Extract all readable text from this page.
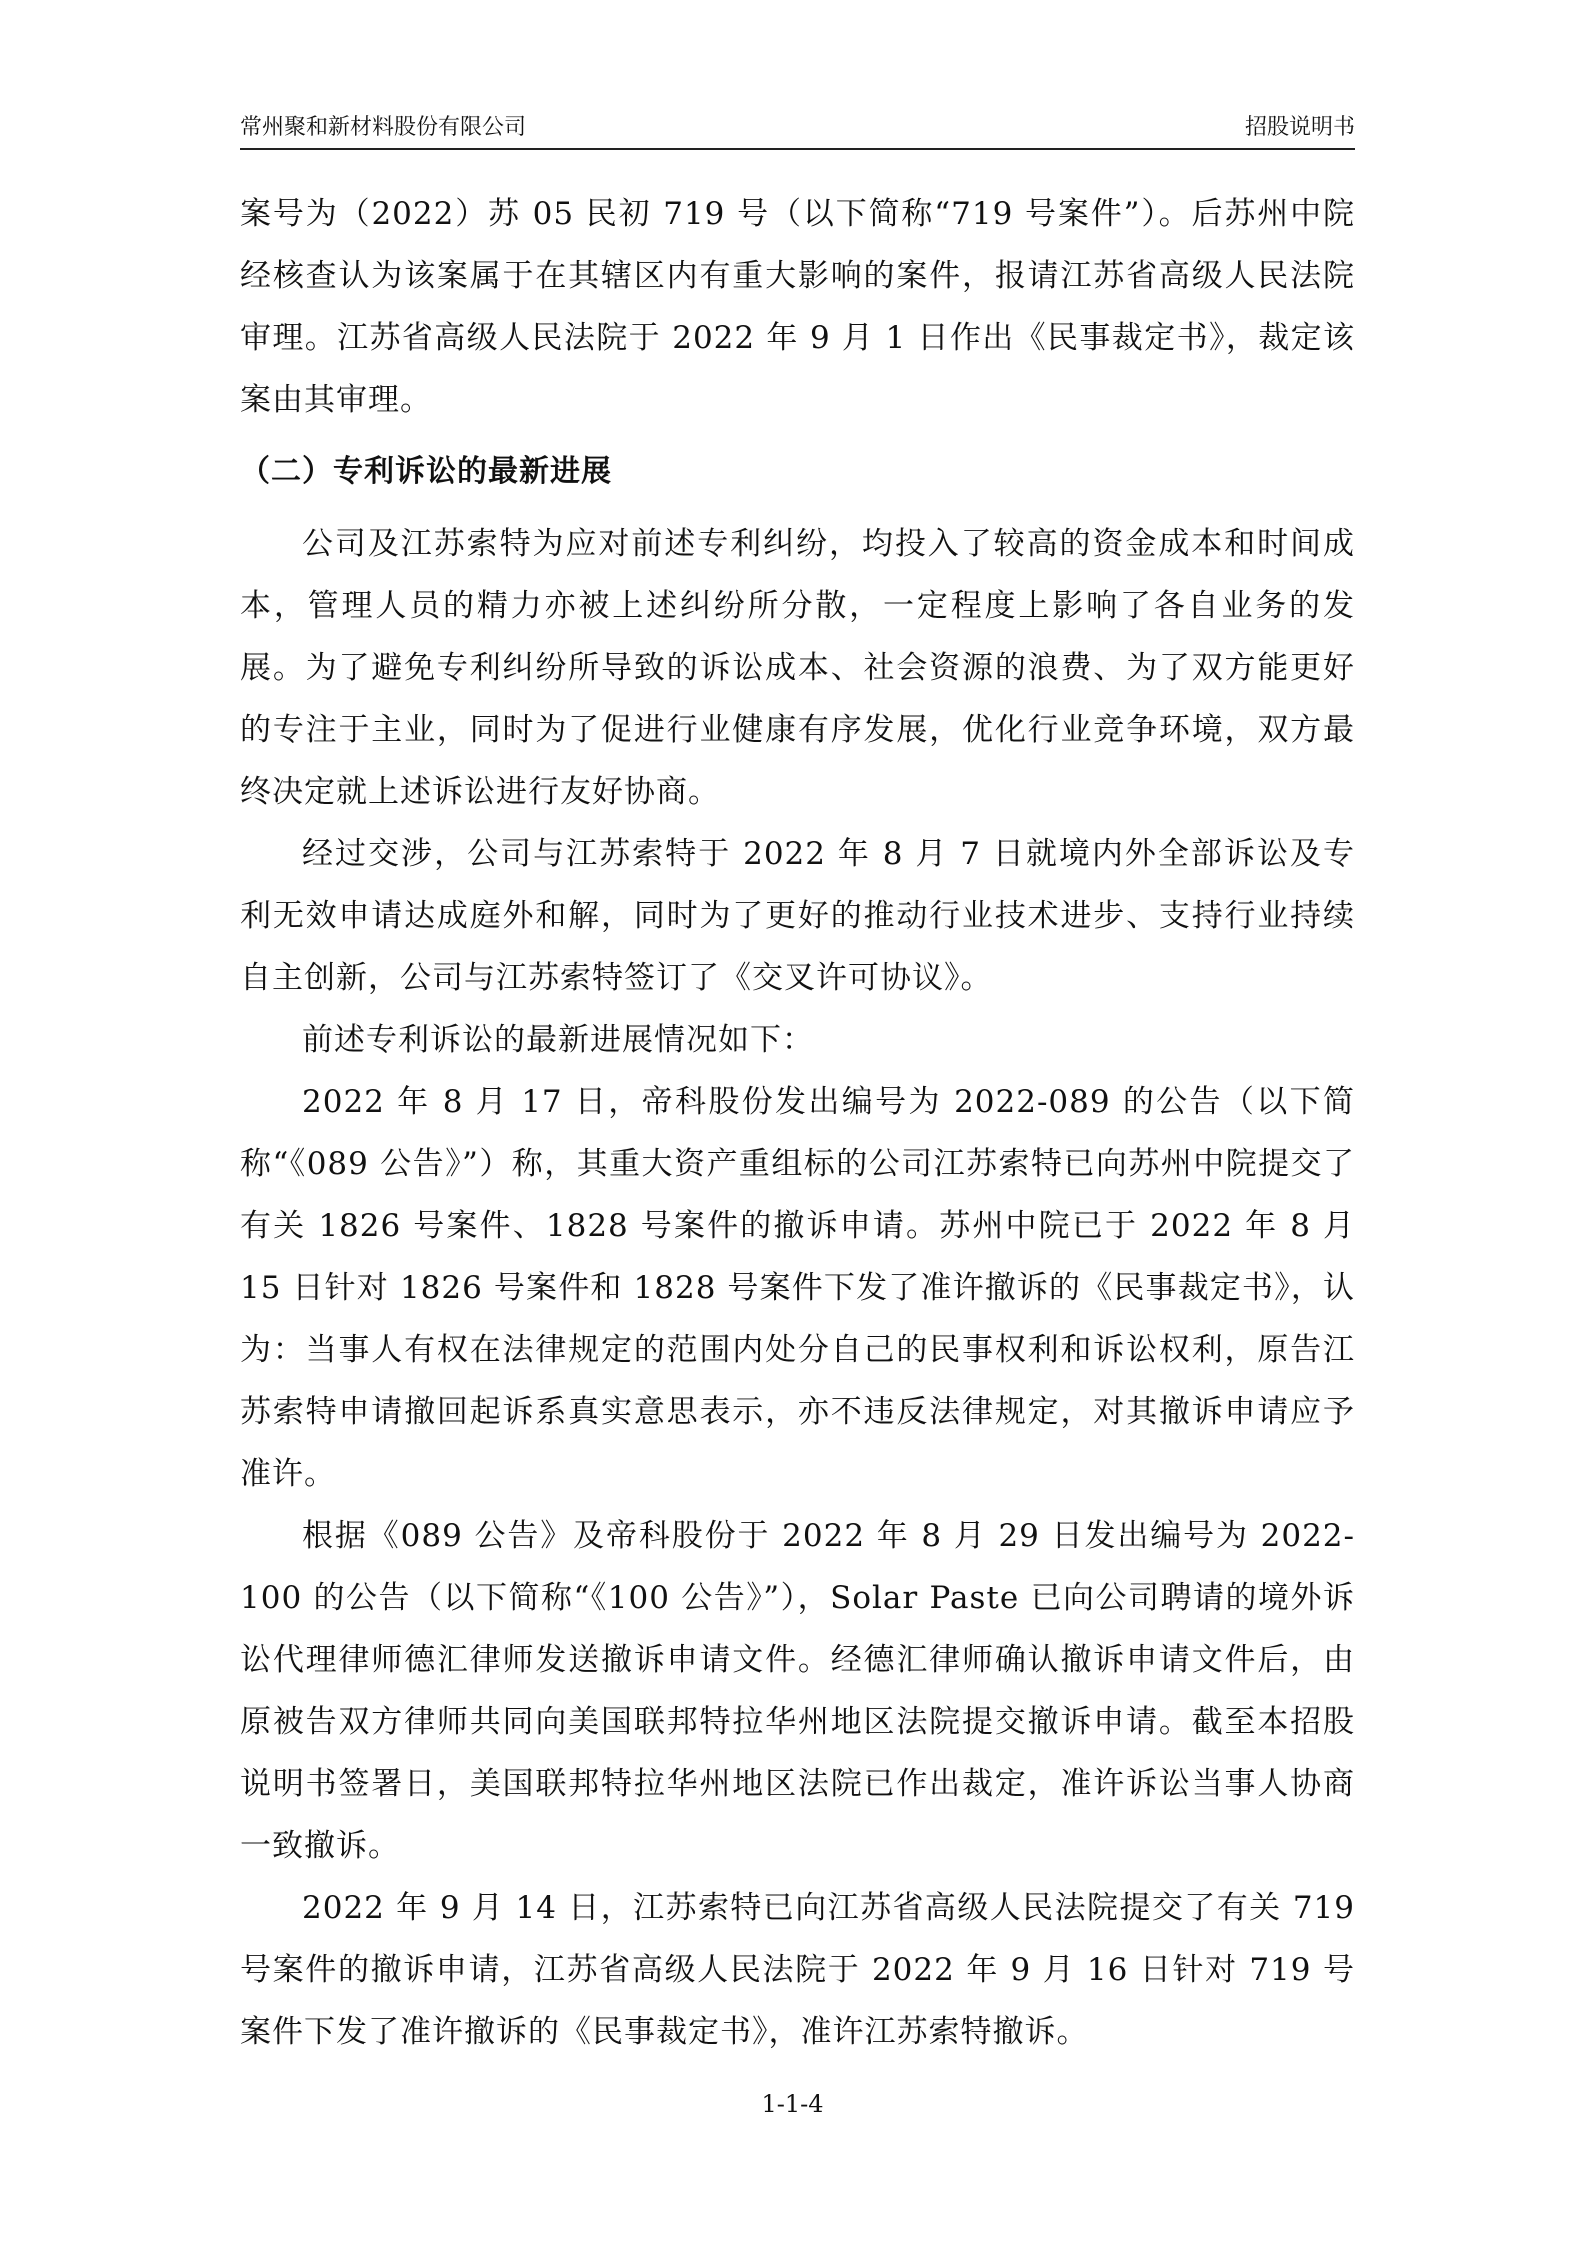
常州聚和新材料股份有限公司	招股说明书

案号为（2022）苏 05 民初 719 号（以下简称“719 号案件”）。后苏州中院经核查认为该案属于在其辖区内有重大影响的案件，报请江苏省高级人民法院审理。江苏省高级人民法院于 2022 年 9 月 1 日作出《民事裁定书》，裁定该案由其审理。

（二）专利诉讼的最新进展

公司及江苏索特为应对前述专利纠纷，均投入了较高的资金成本和时间成本，管理人员的精力亦被上述纠纷所分散，一定程度上影响了各自业务的发展。为了避免专利纠纷所导致的诉讼成本、社会资源的浪费、为了双方能更好的专注于主业，同时为了促进行业健康有序发展，优化行业竞争环境，双方最终决定就上述诉讼进行友好协商。

经过交涉，公司与江苏索特于 2022 年 8 月 7 日就境内外全部诉讼及专利无效申请达成庭外和解，同时为了更好的推动行业技术进步、支持行业持续自主创新，公司与江苏索特签订了《交叉许可协议》。

前述专利诉讼的最新进展情况如下：

2022 年 8 月 17 日，帝科股份发出编号为 2022-089 的公告（以下简称“《089 公告》”）称，其重大资产重组标的公司江苏索特已向苏州中院提交了有关 1826 号案件、1828 号案件的撤诉申请。苏州中院已于 2022 年 8 月 15 日针对 1826 号案件和 1828 号案件下发了准许撤诉的《民事裁定书》，认为：当事人有权在法律规定的范围内处分自己的民事权利和诉讼权利，原告江苏索特申请撤回起诉系真实意思表示，亦不违反法律规定，对其撤诉申请应予准许。

根据《089 公告》及帝科股份于 2022 年 8 月 29 日发出编号为 2022-100 的公告（以下简称“《100 公告》”），Solar Paste 已向公司聘请的境外诉讼代理律师德汇律师发送撤诉申请文件。经德汇律师确认撤诉申请文件后，由原被告双方律师共同向美国联邦特拉华州地区法院提交撤诉申请。截至本招股说明书签署日，美国联邦特拉华州地区法院已作出裁定，准许诉讼当事人协商一致撤诉。

2022 年 9 月 14 日，江苏索特已向江苏省高级人民法院提交了有关 719 号案件的撤诉申请，江苏省高级人民法院于 2022 年 9 月 16 日针对 719 号案件下发了准许撤诉的《民事裁定书》，准许江苏索特撤诉。

1-1-4
